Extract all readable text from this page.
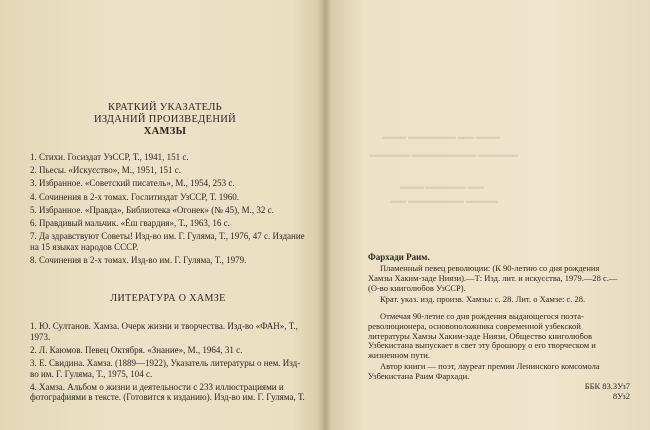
КРАТКИЙ УКАЗАТЕЛЬ
ИЗДАНИЙ ПРОИЗВЕДЕНИЙ
ХАМЗЫ
1. Стихи. Госиздат УзССР, Т., 1941, 151 с.
2. Пьесы. «Искусство», М., 1951, 151 с.
3. Избранное. «Советский писатель», М., 1954, 253 с.
4. Сочинения в 2-х томах. Гослитиздат УзССР, Т. 1960.
5. Избранное. «Правда», Библиотека «Огонек» (№ 45), М., 32 с.
6. Правдивый мальчик. «Ёш гвардия», Т., 1963, 16 с.
7. Да здравствуют Советы! Изд-во им. Г. Гуляма, Т., 1976, 47 с. Издание на 15 языках народов СССР.
8. Сочинения в 2-х томах. Изд-во им. Г. Гуляма, Т., 1979.
ЛИТЕРАТУРА О ХАМЗЕ
1. Ю. Султанов. Хамза. Очерк жизни и творчества. Изд-во «ФАН», Т., 1973.
2. Л. Каюмов. Певец Октября. «Знание», М., 1964, 31 с.
3. Е. Свидина. Хамза. (1889—1922), Указатель литературы о нем. Изд-во им. Г. Гуляма, Т., 1975, 104 с.
4. Хамза. Альбом о жизни и деятельности с 233 иллюстрациями и фотографиями в тексте. (Готовится к изданию). Изд-во им. Г. Гуляма, Т.
▬▬▬ ▬▬ ▬▬▬▬▬▬ ▬▬▬
▬▬▬▬▬ ▬▬▬▬▬▬▬▬ ▬▬▬▬▬
▬▬ ▬▬▬▬▬ ▬▬▬
▬▬▬▬ ▬▬▬▬▬▬▬ ▬▬
Фархади Раим.
Пламенный певец революции: (К 90-летию со дня рождения Хамзы Хаким-заде Ниязи).—Т: Изд. лит. и искусства, 1979.—28 с.—(О-во книголюбов УзССР).
Крат. указ. изд. произв. Хамзы: с. 28. Лит. о Хамзе: с. 28.
Отмечая 90-летие со дня рождения выдающегося поэта-революционера, основоположника современной узбекской литературы Хамзы Хаким-заде Ниязи, Общество книголюбов Узбекистана выпускает в свет эту брошюру о его творческом и жизненном пути.
Автор книги — поэт, лауреат премии Ленинского комсомола Узбекистана Раим Фархади.
ББК 83.3Уз7
8Уз2
